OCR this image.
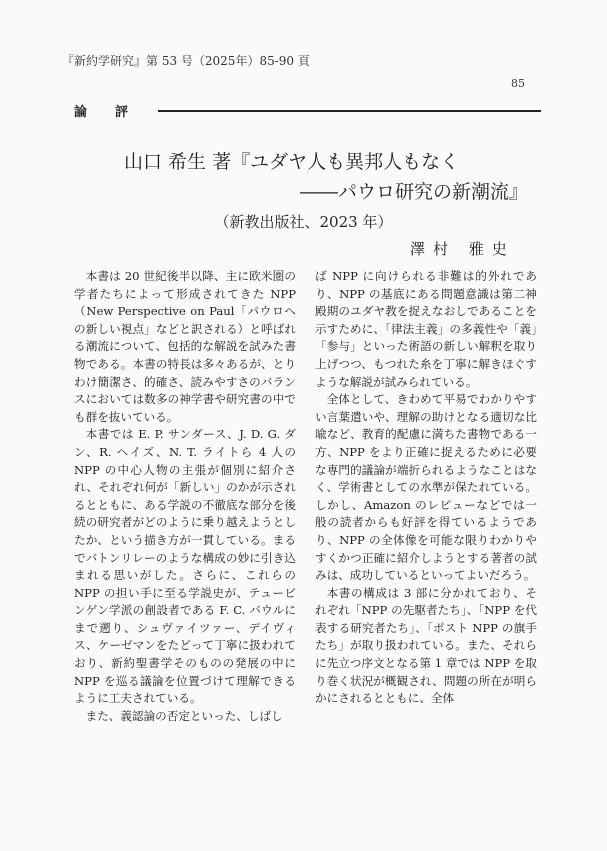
『新約学研究』第 53 号（2025年）85-90 頁
85
論評
山口 希生 著『ユダヤ人も異邦人もなく
――パウロ研究の新潮流』
（新教出版社、2023 年）
澤村 雅史

本書は 20 世紀後半以降、主に欧米圏の学者たちによって形成されてきた NPP（New Perspective on Paul「パウロへの新しい視点」などと訳される）と呼ばれる潮流について、包括的な解説を試みた書物である。本書の特長は多々あるが、とりわけ簡潔さ、的確さ、読みやすさのバランスにおいては数多の神学書や研究書の中でも群を抜いている。

本書では E. P. サンダース、J. D. G. ダン、R. ヘイズ、N. T. ライトら 4 人の NPP の中心人物の主張が個別に紹介され、それぞれ何が「新しい」のかが示されるとともに、ある学説の不徹底な部分を後続の研究者がどのように乗り越えようとしたか、という描き方が一貫している。まるでバトンリレーのような構成の妙に引き込まれる思いがした。さらに、これらの NPP の担い手に至る学説史が、テュービンゲン学派の創設者である F. C. バウルにまで遡り、シュヴァイツァー、デイヴィス、ケーゼマンをたどって丁寧に扱われており、新約聖書学そのものの発展の中に NPP を巡る議論を位置づけて理解できるように工夫されている。

また、義認論の否定といった、しばし

ば NPP に向けられる非難は的外れであり、NPP の基底にある問題意識は第二神殿期のユダヤ教を捉えなおしであることを示すために、「律法主義」の多義性や「義」「参与」といった術語の新しい解釈を取り上げつつ、もつれた糸を丁寧に解きほぐすような解説が試みられている。

全体として、きわめて平易でわかりやすい言葉遣いや、理解の助けとなる適切な比喩など、教育的配慮に満ちた書物である一方、NPP をより正確に捉えるために必要な専門的議論が端折られるようなことはなく、学術書としての水準が保たれている。しかし、Amazon のレビューなどでは一般の読者からも好評を得ているようであり、NPP の全体像を可能な限りわかりやすくかつ正確に紹介しようとする著者の試みは、成功しているといってよいだろう。

本書の構成は 3 部に分かれており、それぞれ「NPP の先駆者たち」、「NPP を代表する研究者たち」、「ポスト NPP の旗手たち」が取り扱われている。また、それらに先立つ序文となる第 1 章では NPP を取り巻く状況が概観され、問題の所在が明らかにされるとともに、全体
